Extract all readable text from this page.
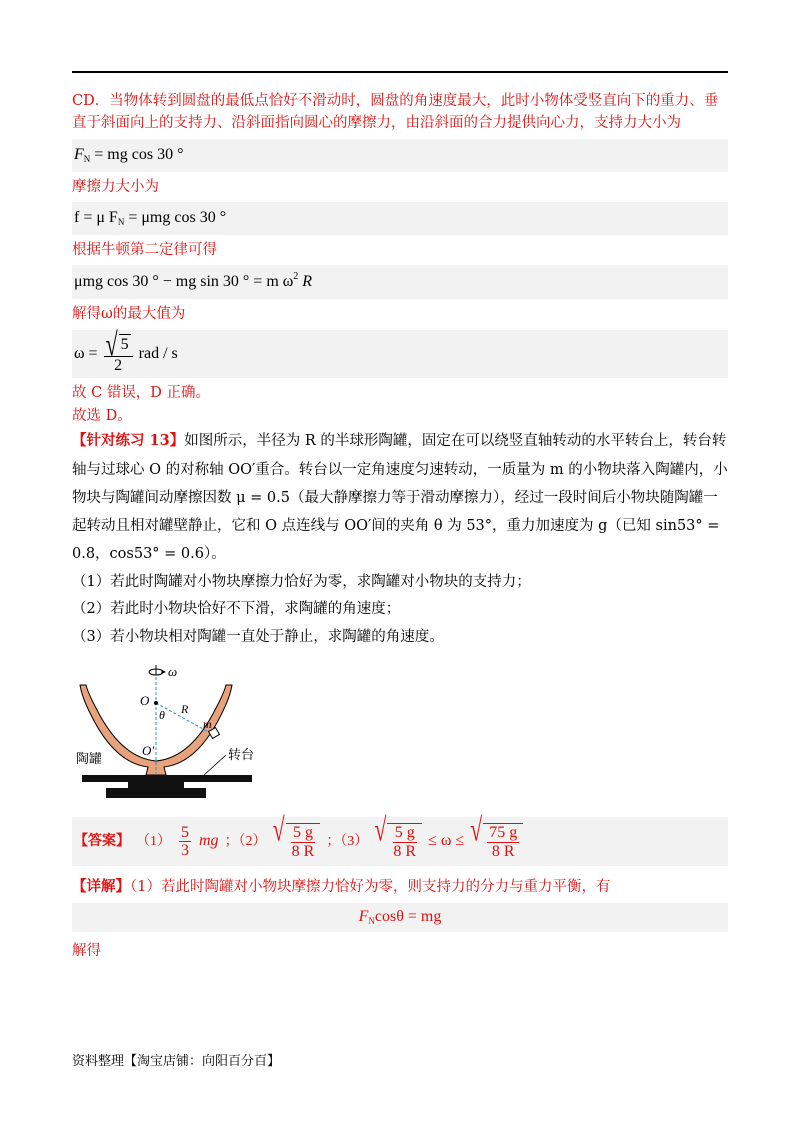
CD．当物体转到圆盘的最低点恰好不滑动时，圆盘的角速度最大，此时小物体受竖直向下的重力、垂直于斜面向上的支持力、沿斜面指向圆心的摩擦力，由沿斜面的合力提供向心力，支持力大小为

$F_N$ = mg cos 30 °

摩擦力大小为

f = μ $F_N = \mu mg$ cos 30 °

根据牛顿第二定律可得

μmg cos 30 ° − mg sin 30 ° = m $\omega^2$ R

解得ω的最大值为

$\omega = \frac{√ 5}{2}$ rad / s

故 C 错误，D 正确。

故选 D。

【针对练习 13】如图所示，半径为 R 的半球形陶罐，固定在可以绕竖直轴转动的水平转台上，转台转轴与过球心 O 的对称轴 OO′重合。转台以一定角速度匀速转动，一质量为 m 的小物块落入陶罐内，小物块与陶罐间动摩擦因数 μ = 0.5（最大静摩擦力等于滑动摩擦力），经过一段时间后小物块随陶罐一起转动且相对罐壁静止，它和 O 点连线与 OO′间的夹角 θ 为 53°，重力加速度为 g（已知 sin53° = 0.8，cos53° = 0.6）。

（1）若此时陶罐对小物块摩擦力恰好为零，求陶罐对小物块的支持力；
（2）若此时小物块恰好不下滑，求陶罐的角速度；
（3）若小物块相对陶罐一直处于静止，求陶罐的角速度。
ω
O
θ R
m
O′
陶罐	转台
【答案】 $(1) \frac{5}{3}$ mg ；（2） √ $\frac{5 g}{8 R}$ ；（3） √ $\frac{5 g}{8 R} \le \omega$ ≤ √ $\frac{75 g}{8 R}$

【详解】（1）若此时陶罐对小物块摩擦力恰好为零，则支持力的分力与重力平衡，有

$F_N\cos\theta$ = mg

解得

资料整理【淘宝店铺：向阳百分百】
